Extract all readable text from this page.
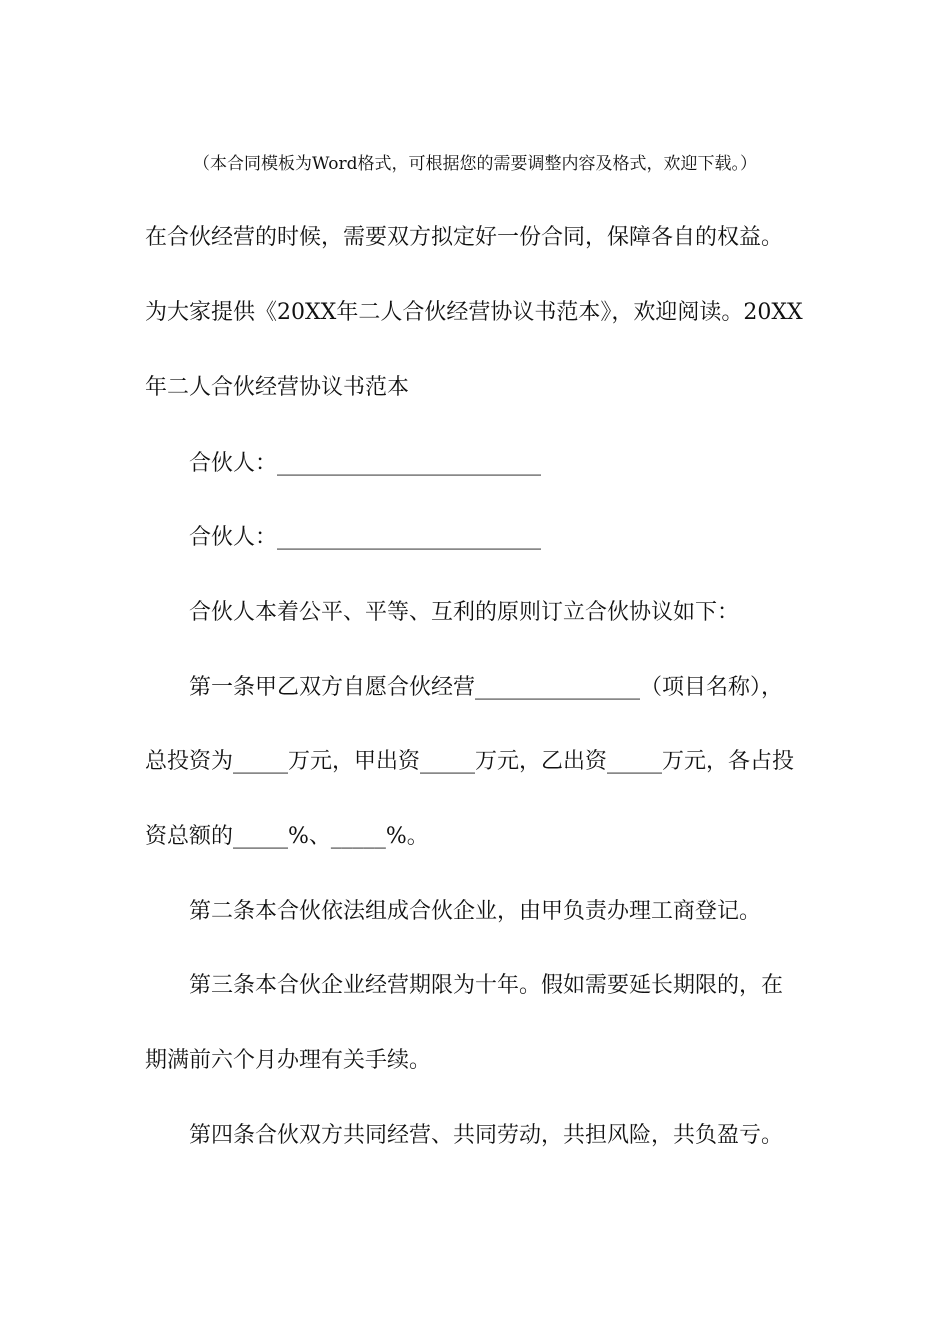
（本合同模板为Word格式，可根据您的需要调整内容及格式，欢迎下载。）
在合伙经营的时候，需要双方拟定好一份合同，保障各自的权益。
为大家提供《20XX年二人合伙经营协议书范本》，欢迎阅读。20XX
年二人合伙经营协议书范本
合伙人：________________________
合伙人：________________________
合伙人本着公平、平等、互利的原则订立合伙协议如下：
第一条甲乙双方自愿合伙经营_______________（项目名称），
总投资为_____万元，甲出资_____万元，乙出资_____万元，各占投
资总额的_____%、_____%。
第二条本合伙依法组成合伙企业，由甲负责办理工商登记。
第三条本合伙企业经营期限为十年。假如需要延长期限的，在
期满前六个月办理有关手续。
第四条合伙双方共同经营、共同劳动，共担风险，共负盈亏。
